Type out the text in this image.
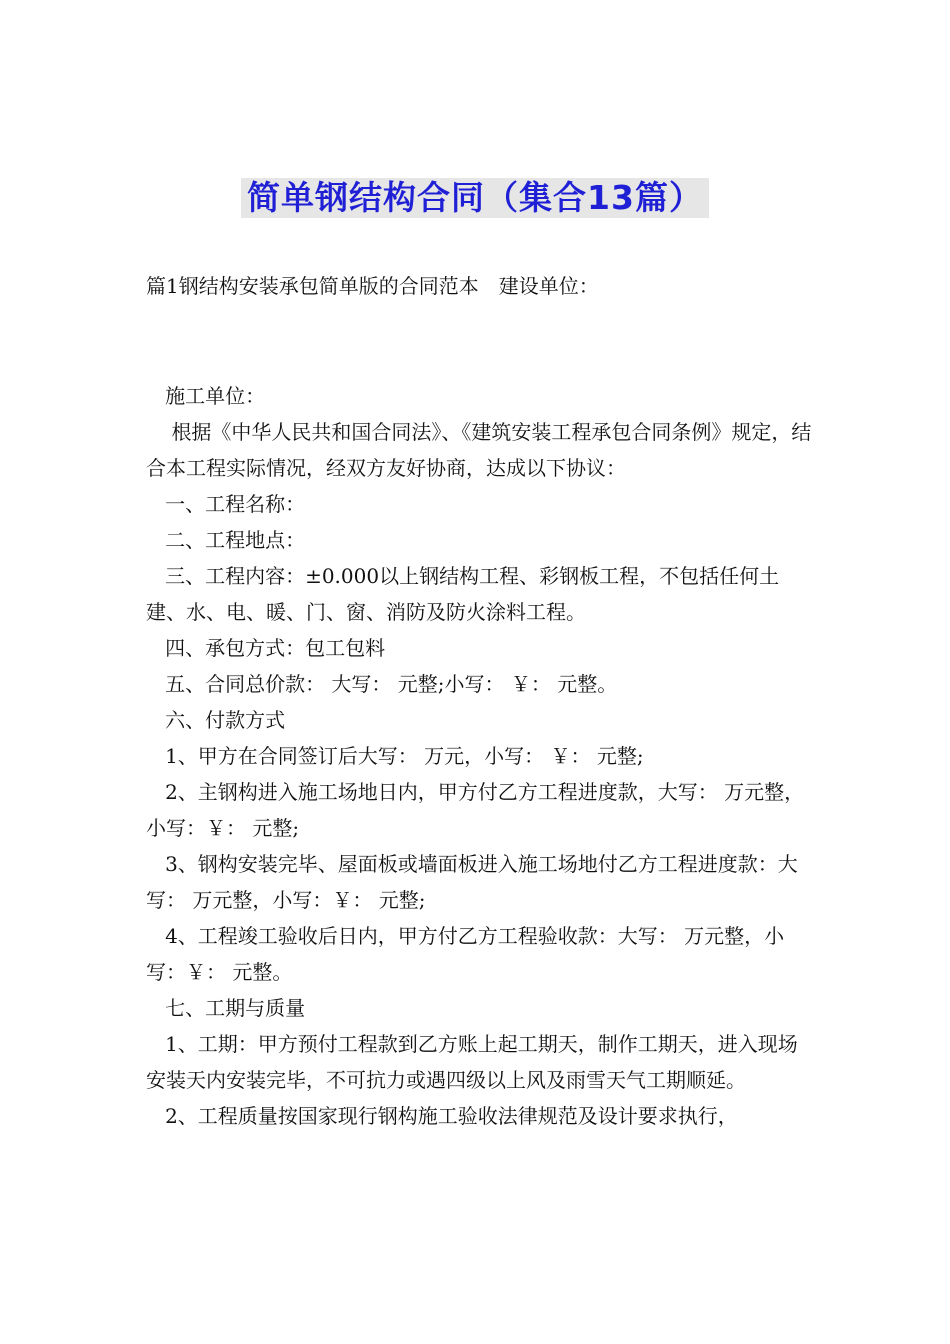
简单钢结构合同（集合13篇）

篇1钢结构安装承包简单版的合同范本　建设单位：

施工单位：

根据《中华人民共和国合同法》、《建筑安装工程承包合同条例》规定，结合本工程实际情况，经双方友好协商，达成以下协议：

一、工程名称：

二、工程地点：

三、工程内容：±0.000以上钢结构工程、彩钢板工程，不包括任何土建、水、电、暖、门、窗、消防及防火涂料工程。

四、承包方式：包工包料

五、合同总价款： 大写： 元整;小写： ￥： 元整。

六、付款方式

1、甲方在合同签订后大写： 万元，小写： ￥： 元整;

2、主钢构进入施工场地日内，甲方付乙方工程进度款，大写： 万元整，小写：￥： 元整;

3、钢构安装完毕、屋面板或墙面板进入施工场地付乙方工程进度款：大写： 万元整，小写：￥： 元整;

4、工程竣工验收后日内，甲方付乙方工程验收款：大写： 万元整，小写：￥： 元整。

七、工期与质量

1、工期：甲方预付工程款到乙方账上起工期天，制作工期天，进入现场安装天内安装完毕，不可抗力或遇四级以上风及雨雪天气工期顺延。

2、工程质量按国家现行钢构施工验收法律规范及设计要求执行，
